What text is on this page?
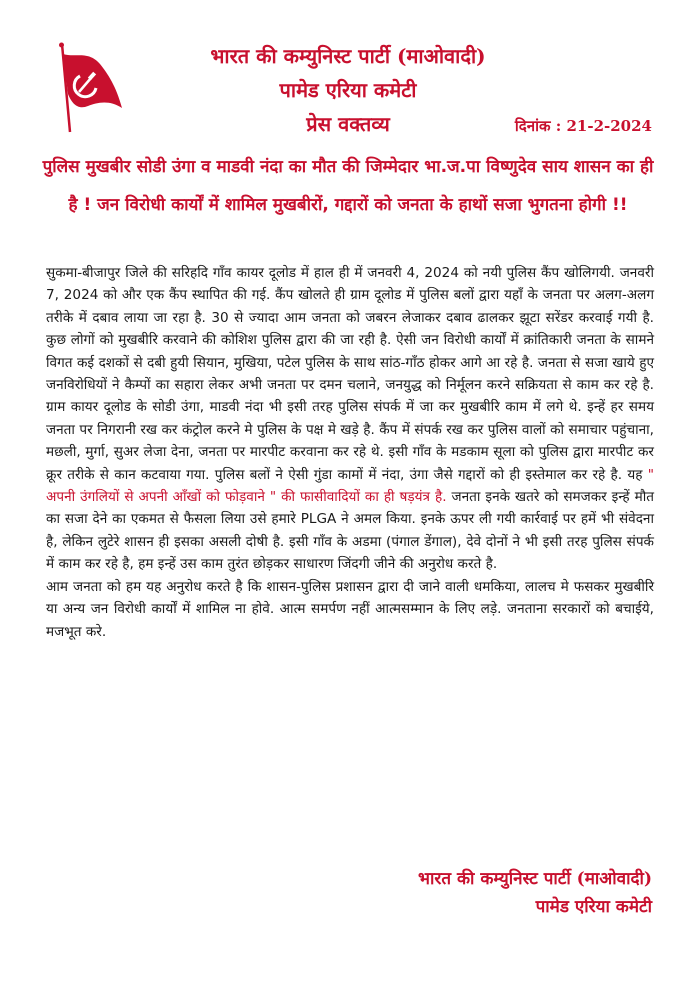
भारत की कम्युनिस्ट पार्टी (माओवादी)
पामेड एरिया कमेटी
प्रेस वक्तव्य	दिनांक : 21-2-2024
पुलिस मुखबीर सोडी उंगा व माडवी नंदा का मौत की जिम्मेदार भा.ज.पा विष्णुदेव साय शासन का ही है ! जन विरोधी कार्यों में शामिल मुखबीरों, गद्दारों को जनता के हाथों सजा भुगतना होगी !!

सुकमा-बीजापुर जिले की सरिहदि गाँव कायर दूलोड में हाल ही में जनवरी 4, 2024 को नयी पुलिस कैंप खोलिगयी. जनवरी 7, 2024 को और एक कैंप स्थापित की गई. कैंप खोलते ही ग्राम दूलोड में पुलिस बलों द्वारा यहाँ के जनता पर अलग-अलग तरीके में दबाव लाया जा रहा है. 30 से ज्यादा आम जनता को जबरन लेजाकर दबाव ढालकर झूटा सरेंडर करवाई गयी है. कुछ लोगों को मुखबीरि करवाने की कोशिश पुलिस द्वारा की जा रही है. ऐसी जन विरोधी कार्यों में क्रांतिकारी जनता के सामने विगत कई दशकों से दबी हुयी सियान, मुखिया, पटेल पुलिस के साथ सांठ-गाँठ होकर आगे आ रहे है. जनता से सजा खाये हुए जनविरोधियों ने कैम्पों का सहारा लेकर अभी जनता पर दमन चलाने, जनयुद्ध को निर्मूलन करने सक्रियता से काम कर रहे है. ग्राम कायर दूलोड के सोडी उंगा, माडवी नंदा भी इसी तरह पुलिस संपर्क में जा कर मुखबीरि काम में लगे थे. इन्हें हर समय जनता पर निगरानी रख कर कंट्रोल करने मे पुलिस के पक्ष मे खड़े है. कैंप में संपर्क रख कर पुलिस वालों को समाचार पहुंचाना, मछली, मुर्गा, सुअर लेजा देना, जनता पर मारपीट करवाना कर रहे थे. इसी गाँव के मडकाम सूला को पुलिस द्वारा मारपीट कर क्रूर तरीके से कान कटवाया गया. पुलिस बलों ने ऐसी गुंडा कामों में नंदा, उंगा जैसे गद्दारों को ही इस्तेमाल कर रहे है. यह " अपनी उंगलियों से अपनी आँखों को फोड़वाने " की फासीवादियों का ही षड़यंत्र है. जनता इनके खतरे को समजकर इन्हें मौत का सजा देने का एकमत से फैसला लिया उसे हमारे PLGA ने अमल किया. इनके ऊपर ली गयी कार्रवाई पर हमें भी संवेदना है, लेकिन लुटेरे शासन ही इसका असली दोषी है. इसी गाँव के अडमा (पंगाल डेंगाल), देवे दोनों ने भी इसी तरह पुलिस संपर्क में काम कर रहे है, हम इन्हें उस काम तुरंत छोड़कर साधारण जिंदगी जीने की अनुरोध करते है.

आम जनता को हम यह अनुरोध करते है कि शासन-पुलिस प्रशासन द्वारा दी जाने वाली धमकिया, लालच मे फसकर मुखबीरि या अन्य जन विरोधी कार्यों में शामिल ना होवे. आत्म समर्पण नहीं आत्मसम्मान के लिए लड़े. जनताना सरकारों को बचाईये, मजभूत करे.

भारत की कम्युनिस्ट पार्टी (माओवादी)
पामेड एरिया कमेटी
